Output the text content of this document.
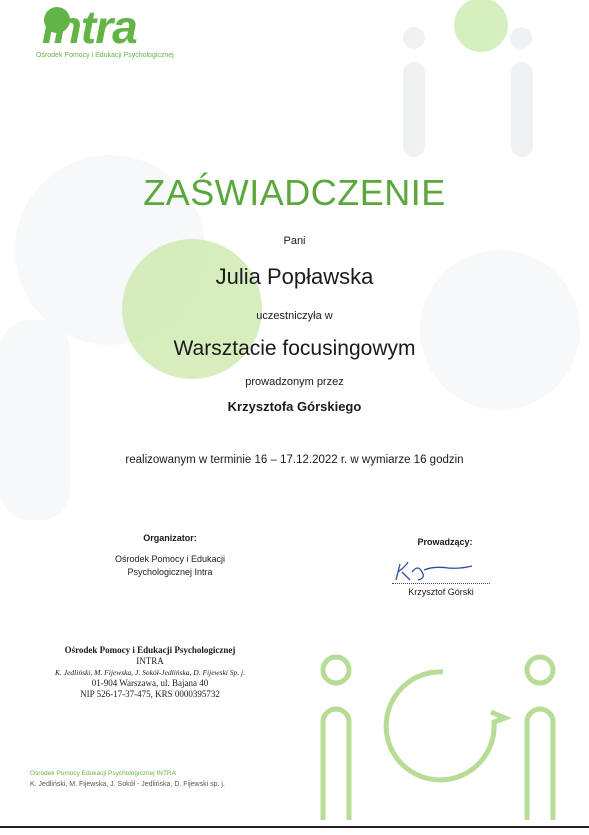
intra
Ośrodek Pomocy i Edukacji Psychologicznej
ZAŚWIADCZENIE
Pani
Julia Popławska
uczestniczyła w
Warsztacie focusingowym
prowadzonym przez
Krzysztofa Górskiego
realizowanym w terminie 16 – 17.12.2022 r. w wymiarze 16 godzin
Organizator:
Ośrodek Pomocy i Edukacji
Psychologicznej Intra
Prowadzący:
Krzysztof Górski
Ośrodek Pomocy i Edukacji Psychologicznej
INTRA
K. Jedliński, M. Fijewska, J. Sokół-Jedlińska, D. Fijewski Sp. j.
01-904 Warszawa, ul. Bajana 40
NIP 526-17-37-475, KRS 0000395732
Ośrodek Pomocy Edukacji Psychologicznej INTRA
K. Jedliński, M. Fijewska, J. Sokół - Jedlińska, D. Fijewski sp. j.
